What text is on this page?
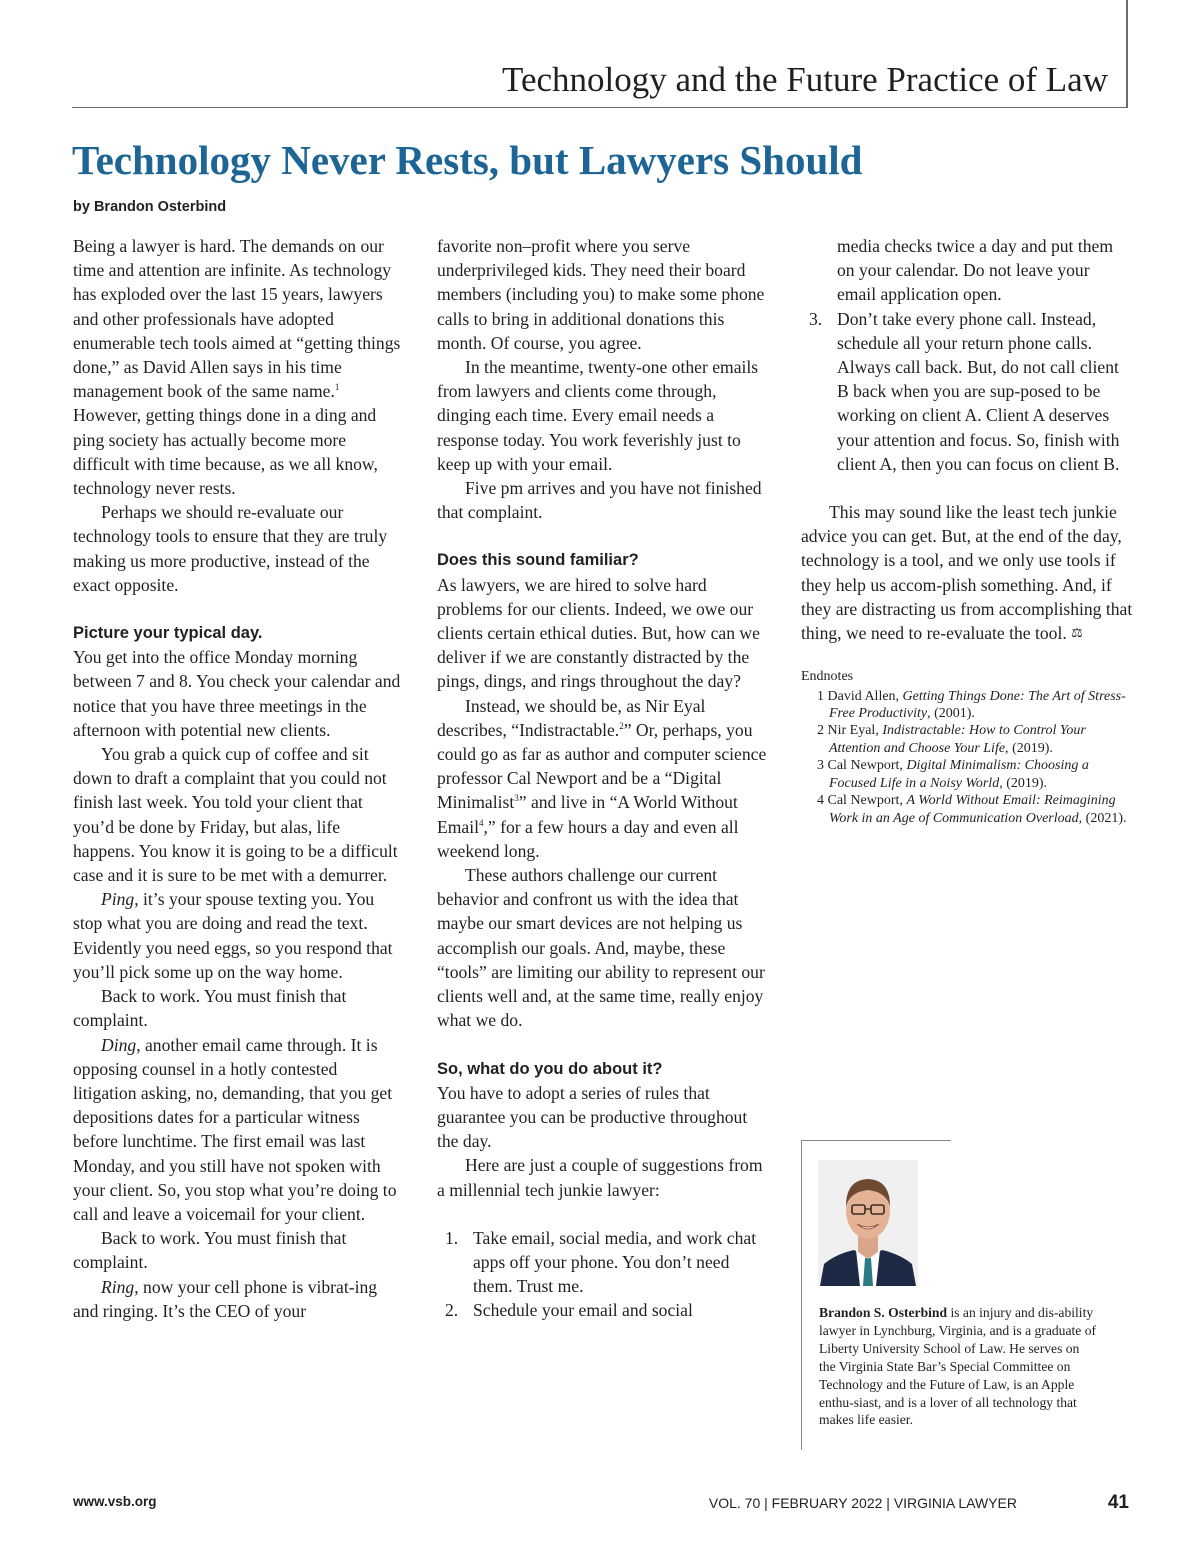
Technology and the Future Practice of Law
Technology Never Rests, but Lawyers Should

by Brandon Osterbind

Being a lawyer is hard. The demands on our time and attention are infinite. As technology has exploded over the last 15 years, lawyers and other professionals have adopted enumerable tech tools aimed at “getting things done,” as David Allen says in his time management book of the same name.$^1$ However, getting things done in a ding and ping society has actually become more difficult with time because, as we all know, technology never rests.

Perhaps we should re-evaluate our technology tools to ensure that they are truly making us more productive, instead of the exact opposite.

Picture your typical day.

You get into the office Monday morning between 7 and 8. You check your calendar and notice that you have three meetings in the afternoon with potential new clients.

You grab a quick cup of coffee and sit down to draft a complaint that you could not finish last week. You told your client that you’d be done by Friday, but alas, life happens. You know it is going to be a difficult case and it is sure to be met with a demurrer.

Ping, it’s your spouse texting you. You stop what you are doing and read the text. Evidently you need eggs, so you respond that you’ll pick some up on the way home.

Back to work. You must finish that complaint.

Ding, another email came through. It is opposing counsel in a hotly contested litigation asking, no, demanding, that you get depositions dates for a particular witness before lunchtime. The first email was last Monday, and you still have not spoken with your client. So, you stop what you’re doing to call and leave a voicemail for your client.

Back to work. You must finish that complaint.

Ring, now your cell phone is vibrat-ing and ringing. It’s the CEO of your

favorite non–profit where you serve underprivileged kids. They need their board members (including you) to make some phone calls to bring in additional donations this month. Of course, you agree.

In the meantime, twenty-one other emails from lawyers and clients come through, dinging each time. Every email needs a response today. You work feverishly just to keep up with your email.

Five pm arrives and you have not finished that complaint.

Does this sound familiar?

As lawyers, we are hired to solve hard problems for our clients. Indeed, we owe our clients certain ethical duties. But, how can we deliver if we are constantly distracted by the pings, dings, and rings throughout the day?

Instead, we should be, as Nir Eyal describes, “Indistractable.$^2$” Or, perhaps, you could go as far as author and computer science professor Cal Newport and be a “Digital Minimalist$^3$” and live in “A World Without Email$^4$,” for a few hours a day and even all weekend long.

These authors challenge our current behavior and confront us with the idea that maybe our smart devices are not helping us accomplish our goals. And, maybe, these “tools” are limiting our ability to represent our clients well and, at the same time, really enjoy what we do.

So, what do you do about it?

You have to adopt a series of rules that guarantee you can be productive throughout the day.

Here are just a couple of suggestions from a millennial tech junkie lawyer:

1. Take email, social media, and work chat apps off your phone. You don’t need them. Trust me.
2. Schedule your email and social

media checks twice a day and put them on your calendar. Do not leave your email application open.

3. Don’t take every phone call. Instead, schedule all your return phone calls. Always call back. But, do not call client B back when you are sup-posed to be working on client A. Client A deserves your attention and focus. So, finish with client A, then you can focus on client B.

This may sound like the least tech junkie advice you can get. But, at the end of the day, technology is a tool, and we only use tools if they help us accom-plish something. And, if they are distracting us from accomplishing that thing, we need to re-evaluate the tool. ⚖

Endnotes

1 David Allen, Getting Things Done: The Art of Stress-Free Productivity, (2001).

2 Nir Eyal, Indistractable: How to Control Your Attention and Choose Your Life, (2019).

3 Cal Newport, Digital Minimalism: Choosing a Focused Life in a Noisy World, (2019).

4 Cal Newport, A World Without Email: Reimagining Work in an Age of Communication Overload, (2021).

Brandon S. Osterbind is an injury and dis-ability lawyer in Lynchburg, Virginia, and is a graduate of Liberty University School of Law. He serves on the Virginia State Bar’s Special Committee on Technology and the Future of Law, is an Apple enthu-siast, and is a lover of all technology that makes life easier.

www.vsb.org	VOL. 70 | FEBRUARY 2022 | VIRGINIA LAWYER	41
